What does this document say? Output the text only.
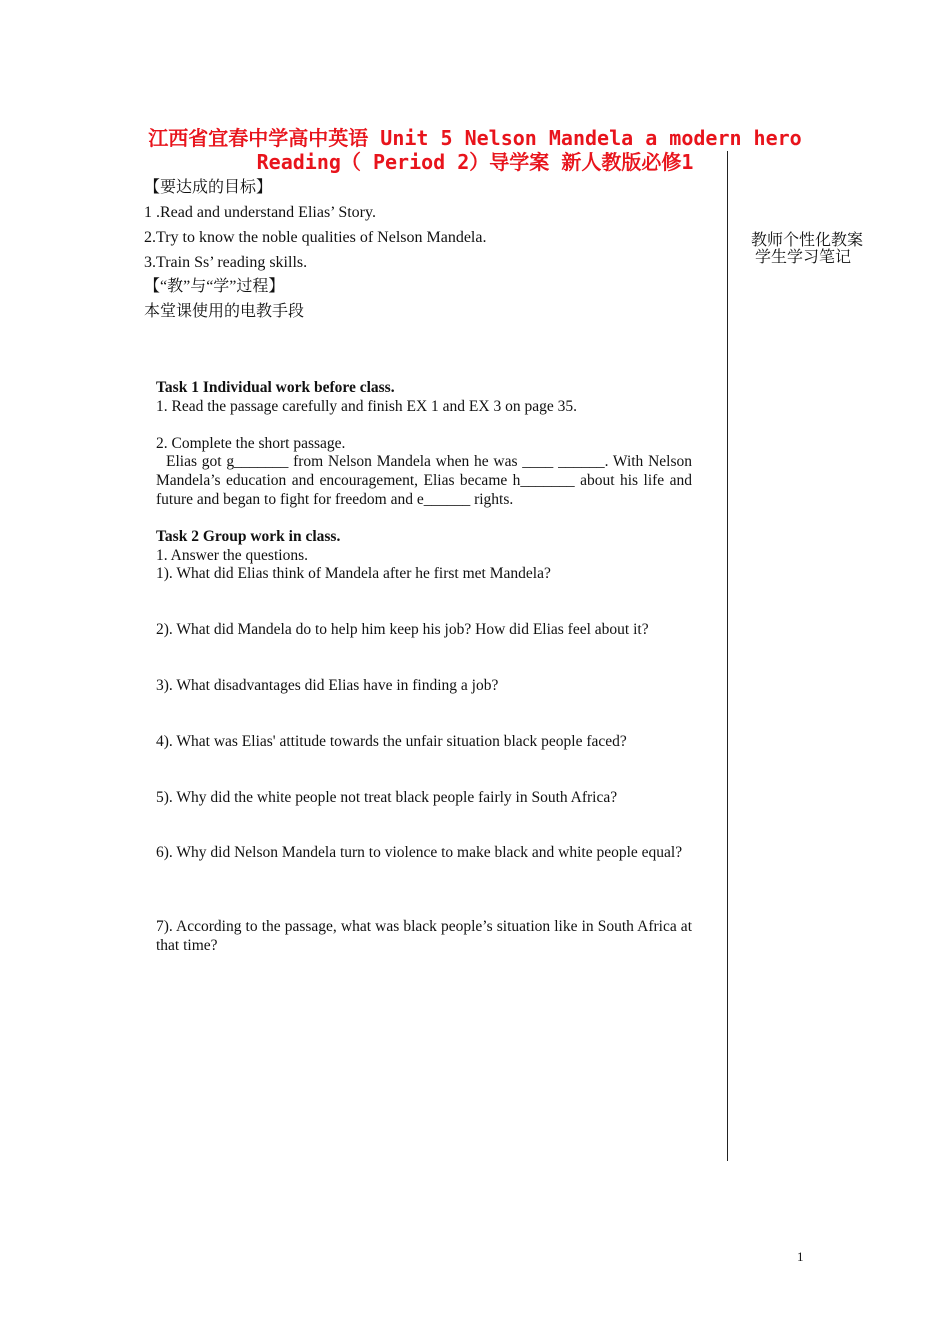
江西省宜春中学高中英语 Unit 5 Nelson Mandela a modern hero
Reading（ Period 2）导学案 新人教版必修1
教师个性化教案
学生学习笔记
【要达成的目标】
1 .Read and understand Elias’ Story.
2.Try to know the noble qualities of Nelson Mandela.
3.Train Ss’ reading skills.
【“教”与“学”过程】
本堂课使用的电教手段

Task 1 Individual work before class.

1. Read the passage carefully and finish EX 1 and EX 3 on page 35.

2. Complete the short passage.

Elias got g_______ from Nelson Mandela when he was ____ ______. With Nelson Mandela’s education and encouragement, Elias became h_______ about his life and future and began to fight for freedom and e______ rights.

Task 2 Group work in class.

1. Answer the questions.

1). What did Elias think of Mandela after he first met Mandela?

2). What did Mandela do to help him keep his job? How did Elias feel about it?

3). What disadvantages did Elias have in finding a job?

4). What was Elias' attitude towards the unfair situation black people faced?

5). Why did the white people not treat black people fairly in South Africa?

6). Why did Nelson Mandela turn to violence to make black and white people equal?

7). According to the passage, what was black people’s situation like in South Africa at that time?

1
